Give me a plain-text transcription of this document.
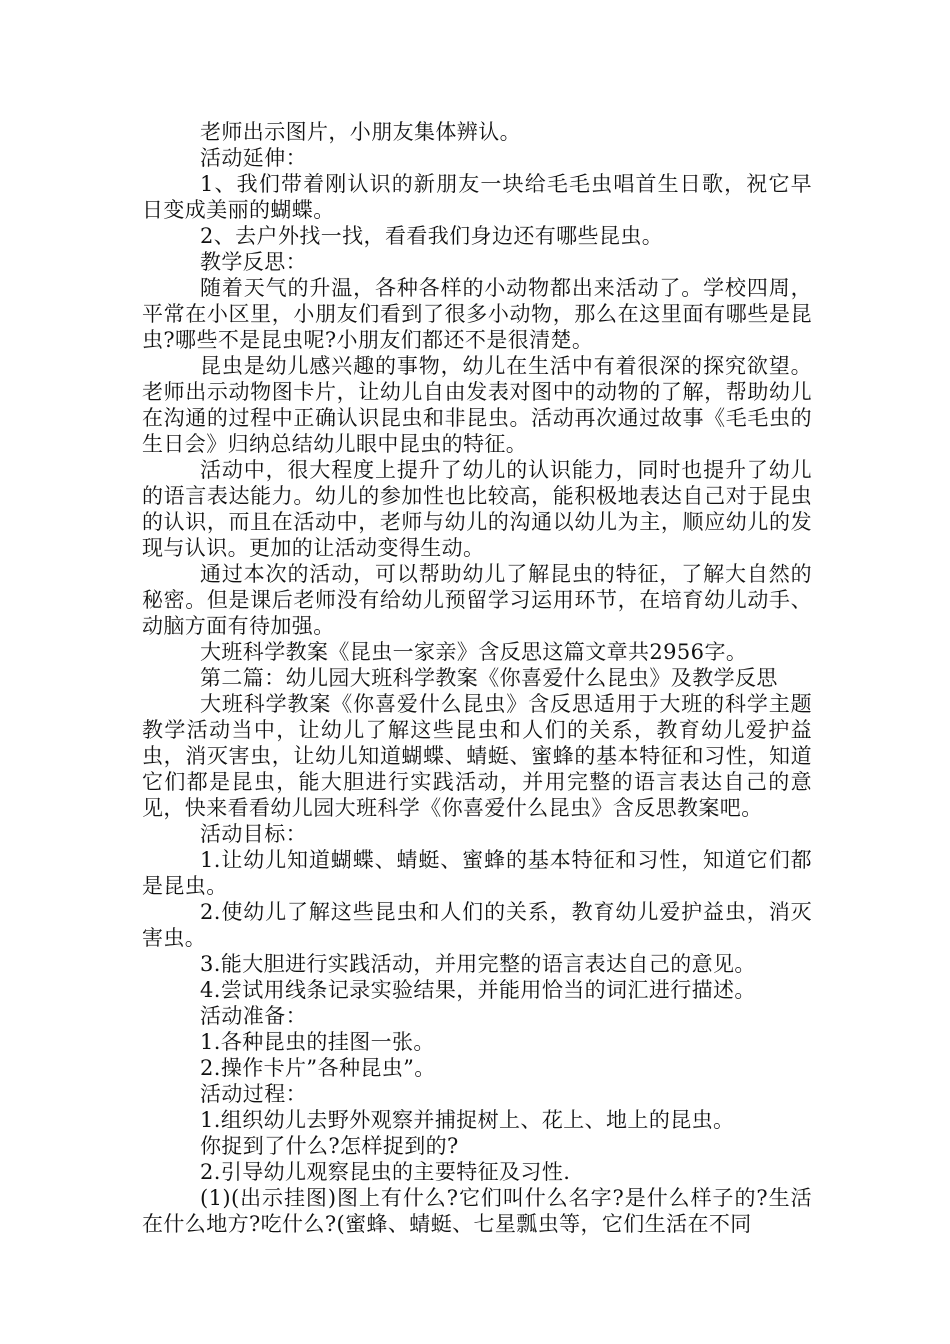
老师出示图片，小朋友集体辨认。

活动延伸：

1、我们带着刚认识的新朋友一块给毛毛虫唱首生日歌，祝它早日变成美丽的蝴蝶。

2、去户外找一找，看看我们身边还有哪些昆虫。

教学反思：

随着天气的升温，各种各样的小动物都出来活动了。学校四周，平常在小区里，小朋友们看到了很多小动物，那么在这里面有哪些是昆虫?哪些不是昆虫呢?小朋友们都还不是很清楚。

昆虫是幼儿感兴趣的事物，幼儿在生活中有着很深的探究欲望。老师出示动物图卡片，让幼儿自由发表对图中的动物的了解，帮助幼儿在沟通的过程中正确认识昆虫和非昆虫。活动再次通过故事《毛毛虫的生日会》归纳总结幼儿眼中昆虫的特征。

活动中，很大程度上提升了幼儿的认识能力，同时也提升了幼儿的语言表达能力。幼儿的参加性也比较高，能积极地表达自己对于昆虫的认识，而且在活动中，老师与幼儿的沟通以幼儿为主，顺应幼儿的发现与认识。更加的让活动变得生动。

通过本次的活动，可以帮助幼儿了解昆虫的特征，了解大自然的秘密。但是课后老师没有给幼儿预留学习运用环节，在培育幼儿动手、动脑方面有待加强。

大班科学教案《昆虫一家亲》含反思这篇文章共2956字。

第二篇：幼儿园大班科学教案《你喜爱什么昆虫》及教学反思

大班科学教案《你喜爱什么昆虫》含反思适用于大班的科学主题教学活动当中，让幼儿了解这些昆虫和人们的关系，教育幼儿爱护益虫，消灭害虫，让幼儿知道蝴蝶、蜻蜓、蜜蜂的基本特征和习性，知道它们都是昆虫，能大胆进行实践活动，并用完整的语言表达自己的意见，快来看看幼儿园大班科学《你喜爱什么昆虫》含反思教案吧。

活动目标：

1.让幼儿知道蝴蝶、蜻蜓、蜜蜂的基本特征和习性，知道它们都是昆虫。

2.使幼儿了解这些昆虫和人们的关系，教育幼儿爱护益虫，消灭害虫。

3.能大胆进行实践活动，并用完整的语言表达自己的意见。

4.尝试用线条记录实验结果，并能用恰当的词汇进行描述。

活动准备：

1.各种昆虫的挂图一张。

2.操作卡片”各种昆虫”。

活动过程：

1.组织幼儿去野外观察并捕捉树上、花上、地上的昆虫。

你捉到了什么?怎样捉到的?

2.引导幼儿观察昆虫的主要特征及习性.

(1)(出示挂图)图上有什么?它们叫什么名字?是什么样子的?生活在什么地方?吃什么?(蜜蜂、蜻蜓、七星瓢虫等，它们生活在不同
